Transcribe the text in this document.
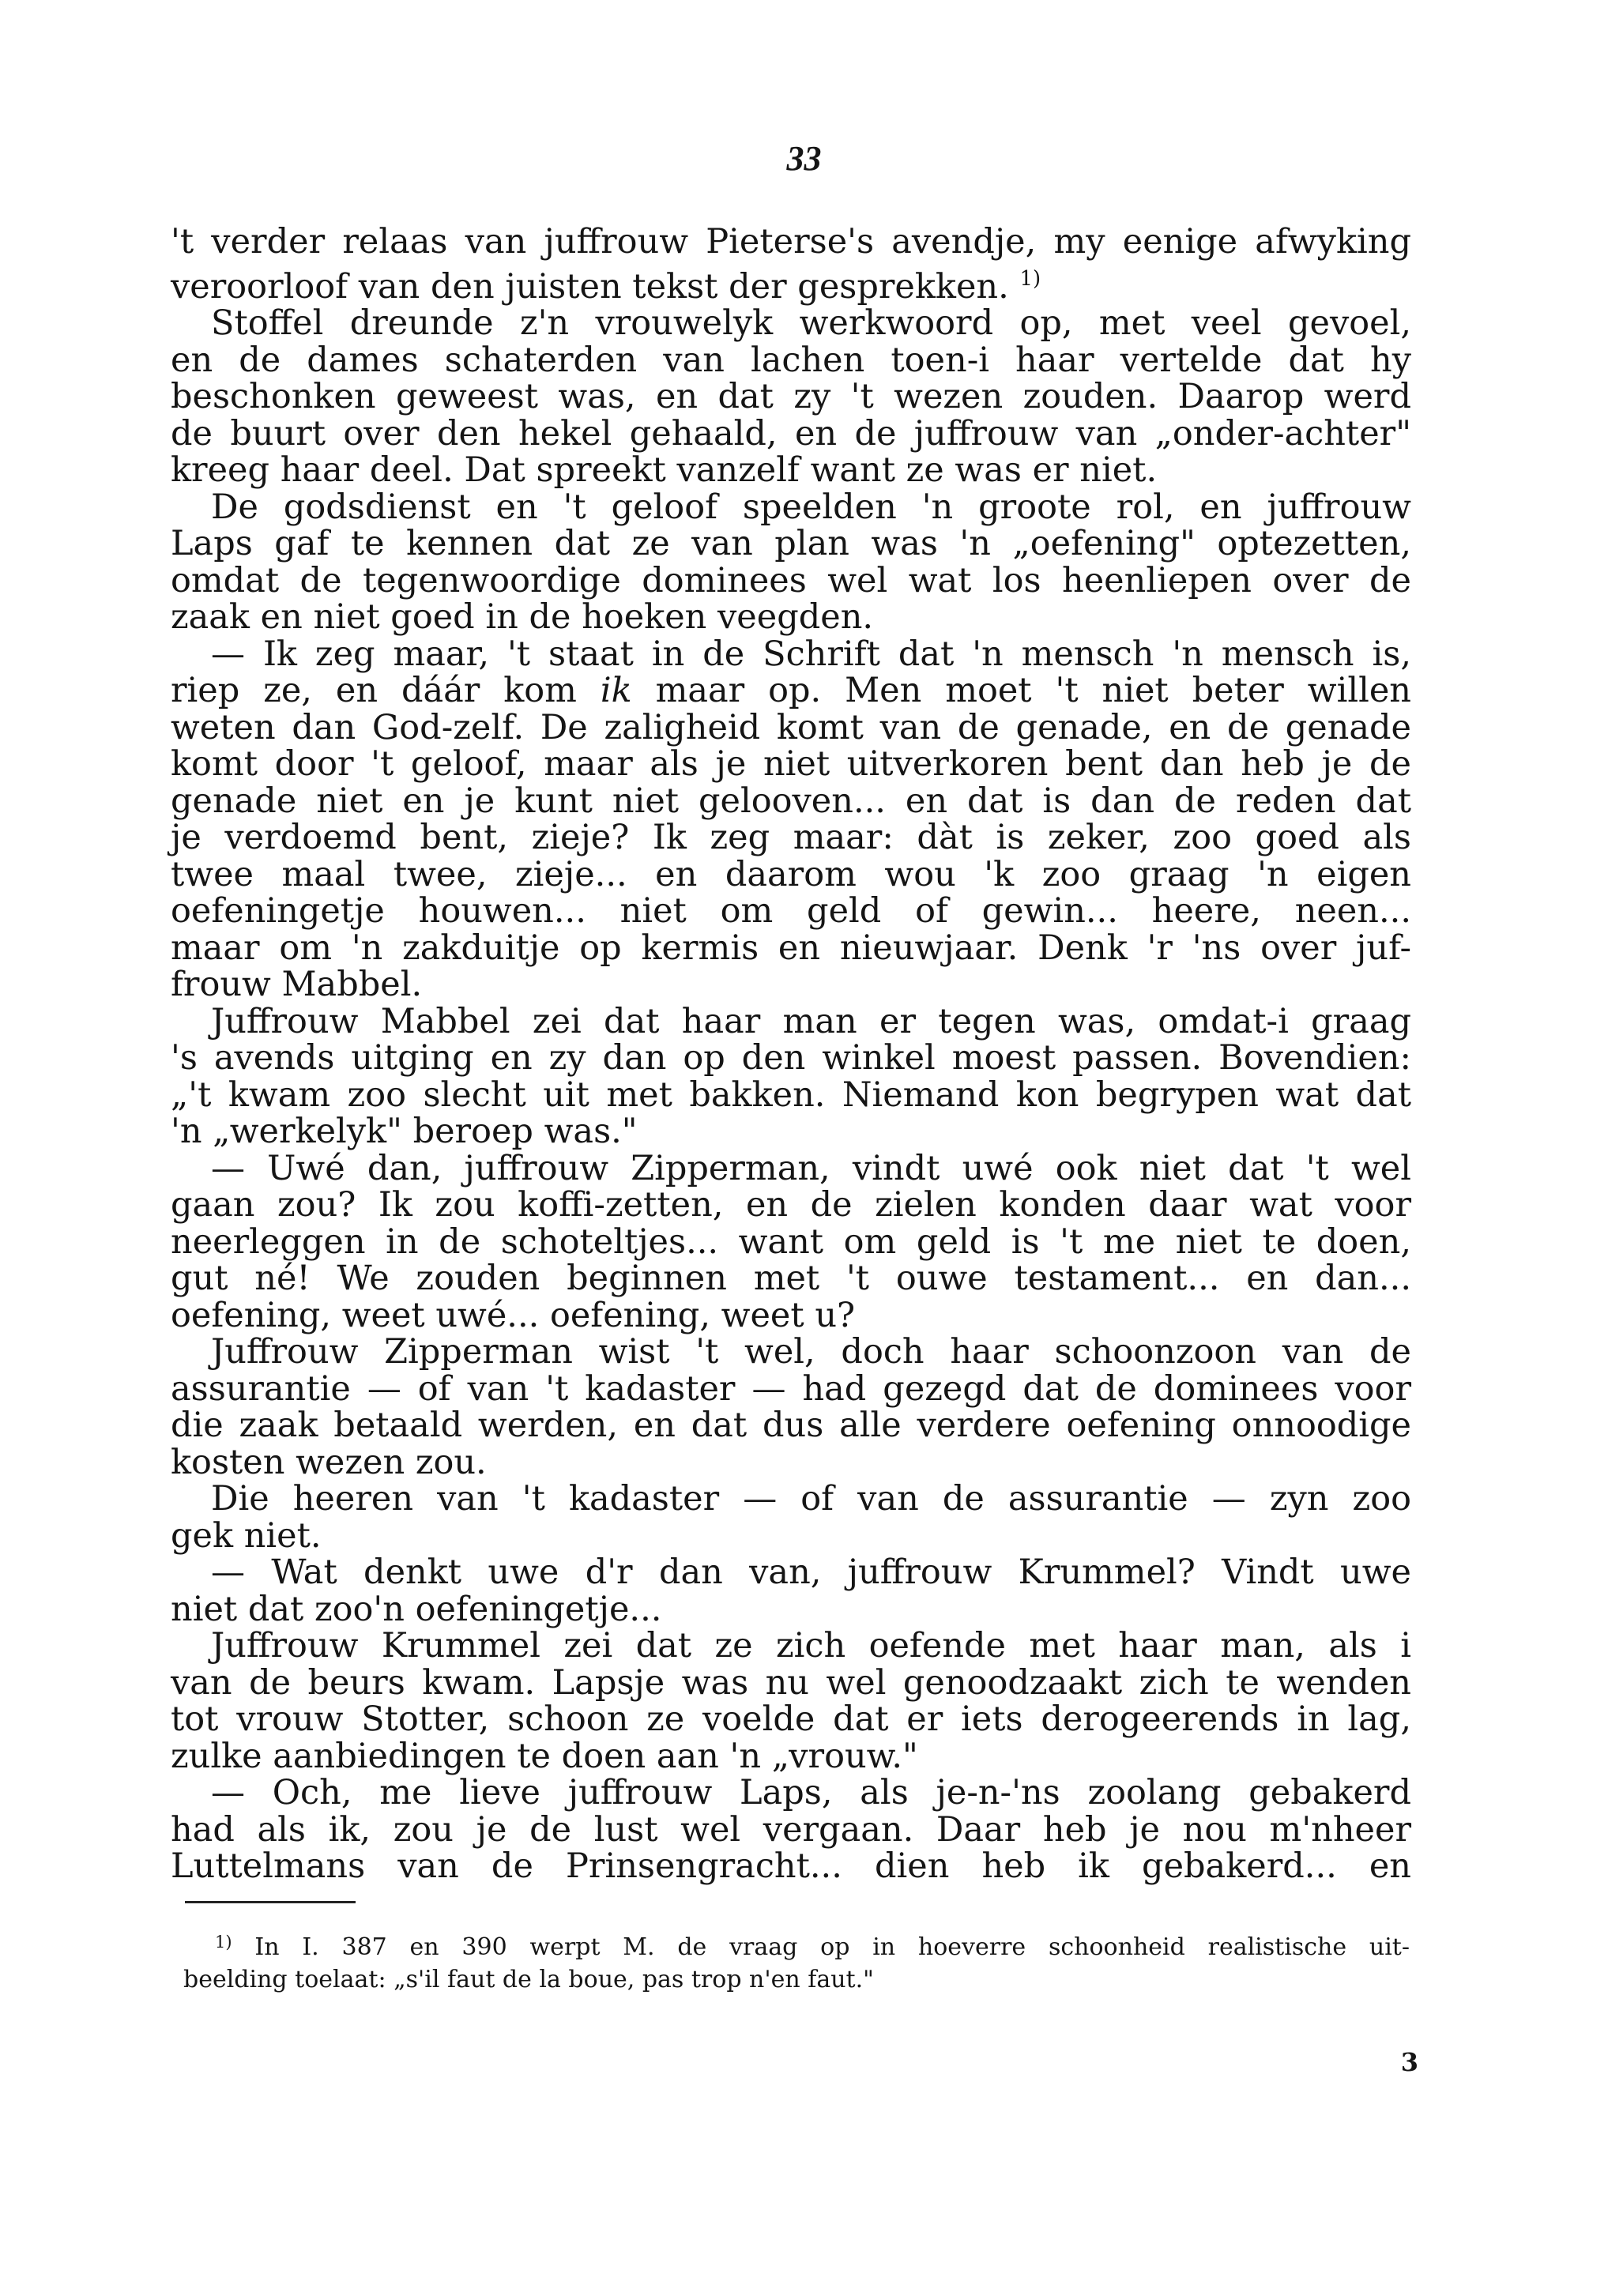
33
't verder relaas van juffrouw Pieterse's avendje, my eenige afwyking
veroorloof van den juisten tekst der gesprekken. $^{1)}$
Stoffel dreunde z'n vrouwelyk werkwoord op, met veel gevoel,
en de dames schaterden van lachen toen-i haar vertelde dat hy
beschonken geweest was, en dat zy 't wezen zouden. Daarop werd
de buurt over den hekel gehaald, en de juffrouw van „onder-achter"
kreeg haar deel. Dat spreekt vanzelf want ze was er niet.
De godsdienst en 't geloof speelden 'n groote rol, en juffrouw
Laps gaf te kennen dat ze van plan was 'n „oefening" optezetten,
omdat de tegenwoordige dominees wel wat los heenliepen over de
zaak en niet goed in de hoeken veegden.
— Ik zeg maar, 't staat in de Schrift dat 'n mensch 'n mensch is,
riep ze, en dáár kom ik maar op. Men moet 't niet beter willen
weten dan God-zelf. De zaligheid komt van de genade, en de genade
komt door 't geloof, maar als je niet uitverkoren bent dan heb je de
genade niet en je kunt niet gelooven... en dat is dan de reden dat
je verdoemd bent, zieje? Ik zeg maar: dàt is zeker, zoo goed als
twee maal twee, zieje... en daarom wou 'k zoo graag 'n eigen
oefeningetje houwen... niet om geld of gewin... heere, neen...
maar om 'n zakduitje op kermis en nieuwjaar. Denk 'r 'ns over juf-
frouw Mabbel.
Juffrouw Mabbel zei dat haar man er tegen was, omdat-i graag
's avends uitging en zy dan op den winkel moest passen. Bovendien:
„'t kwam zoo slecht uit met bakken. Niemand kon begrypen wat dat
'n „werkelyk" beroep was."
— Uwé dan, juffrouw Zipperman, vindt uwé ook niet dat 't wel
gaan zou? Ik zou koffi-zetten, en de zielen konden daar wat voor
neerleggen in de schoteltjes... want om geld is 't me niet te doen,
gut né! We zouden beginnen met 't ouwe testament... en dan...
oefening, weet uwé... oefening, weet u?
Juffrouw Zipperman wist 't wel, doch haar schoonzoon van de
assurantie — of van 't kadaster — had gezegd dat de dominees voor
die zaak betaald werden, en dat dus alle verdere oefening onnoodige
kosten wezen zou.
Die heeren van 't kadaster — of van de assurantie — zyn zoo
gek niet.
— Wat denkt uwe d'r dan van, juffrouw Krummel? Vindt uwe
niet dat zoo'n oefeningetje...
Juffrouw Krummel zei dat ze zich oefende met haar man, als i
van de beurs kwam. Lapsje was nu wel genoodzaakt zich te wenden
tot vrouw Stotter, schoon ze voelde dat er iets derogeerends in lag,
zulke aanbiedingen te doen aan 'n „vrouw."
— Och, me lieve juffrouw Laps, als je-n-'ns zoolang gebakerd
had als ik, zou je de lust wel vergaan. Daar heb je nou m'nheer
Luttelmans van de Prinsengracht... dien heb ik gebakerd... en
$^{1)}$ In I. 387 en 390 werpt M. de vraag op in hoeverre schoonheid realistische uit-
beelding toelaat: „s'il faut de la boue, pas trop n'en faut."
3
